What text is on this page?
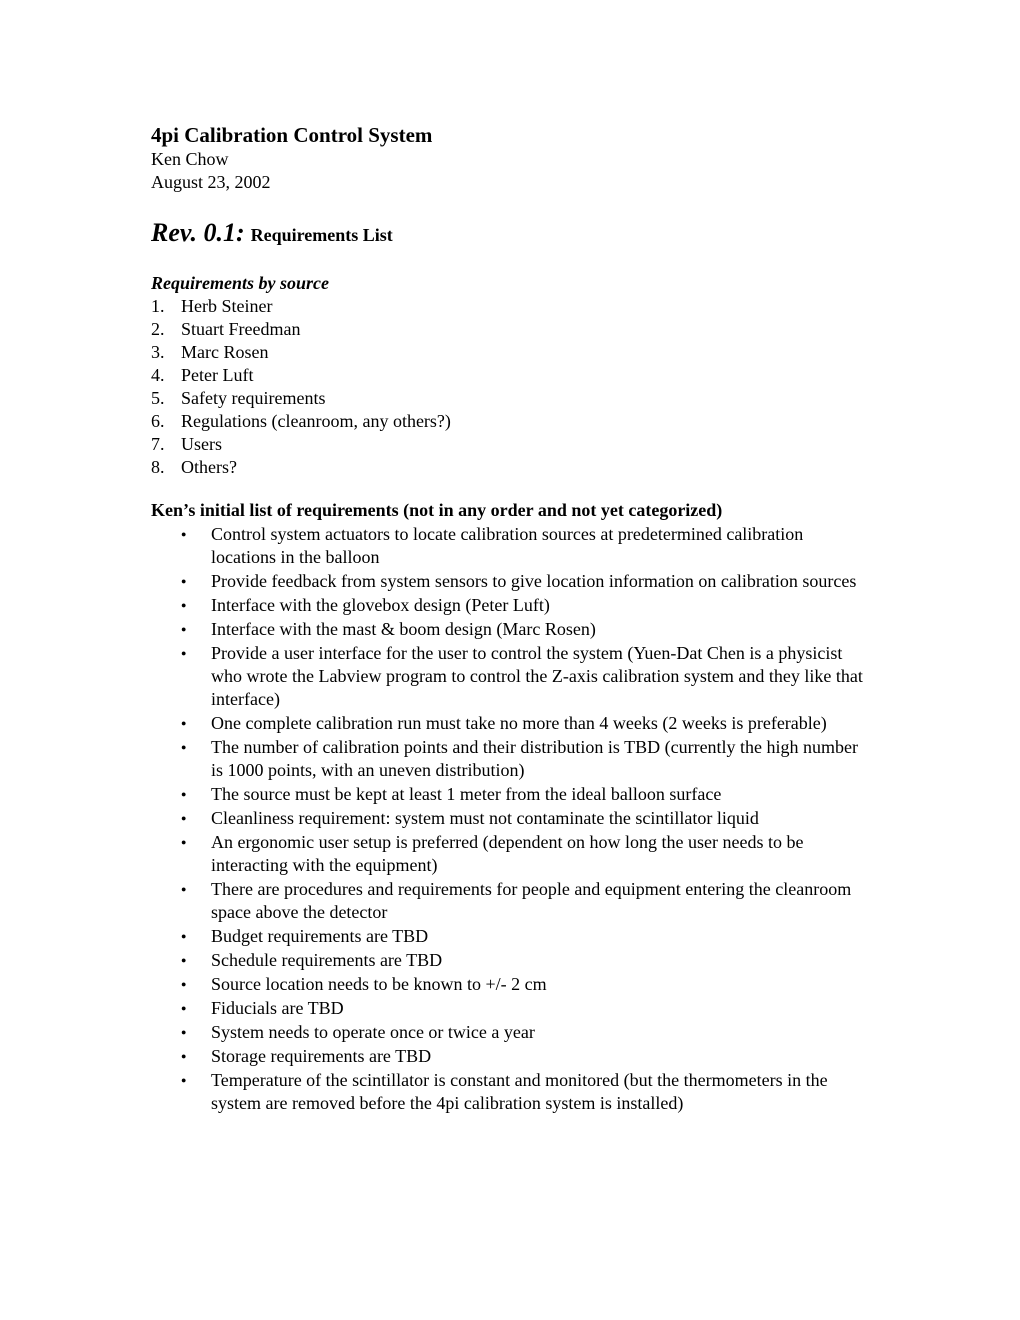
4pi Calibration Control System
Ken Chow
August 23, 2002
Rev. 0.1: Requirements List
Requirements by source
1. Herb Steiner
2. Stuart Freedman
3. Marc Rosen
4. Peter Luft
5. Safety requirements
6. Regulations (cleanroom, any others?)
7. Users
8. Others?
Ken’s initial list of requirements (not in any order and not yet categorized)
●	Control system actuators to locate calibration sources at predetermined calibration locations in the balloon
●	Provide feedback from system sensors to give location information on calibration sources
●	Interface with the glovebox design (Peter Luft)
●	Interface with the mast & boom design (Marc Rosen)
●	Provide a user interface for the user to control the system (Yuen-Dat Chen is a physicist who wrote the Labview program to control the Z-axis calibration system and they like that interface)
●	One complete calibration run must take no more than 4 weeks (2 weeks is preferable)
●	The number of calibration points and their distribution is TBD (currently the high number is 1000 points, with an uneven distribution)
●	The source must be kept at least 1 meter from the ideal balloon surface
●	Cleanliness requirement: system must not contaminate the scintillator liquid
●	An ergonomic user setup is preferred (dependent on how long the user needs to be interacting with the equipment)
●	There are procedures and requirements for people and equipment entering the cleanroom space above the detector
●	Budget requirements are TBD
●	Schedule requirements are TBD
●	Source location needs to be known to +/- 2 cm
●	Fiducials are TBD
●	System needs to operate once or twice a year
●	Storage requirements are TBD
●	Temperature of the scintillator is constant and monitored (but the thermometers in the system are removed before the 4pi calibration system is installed)
